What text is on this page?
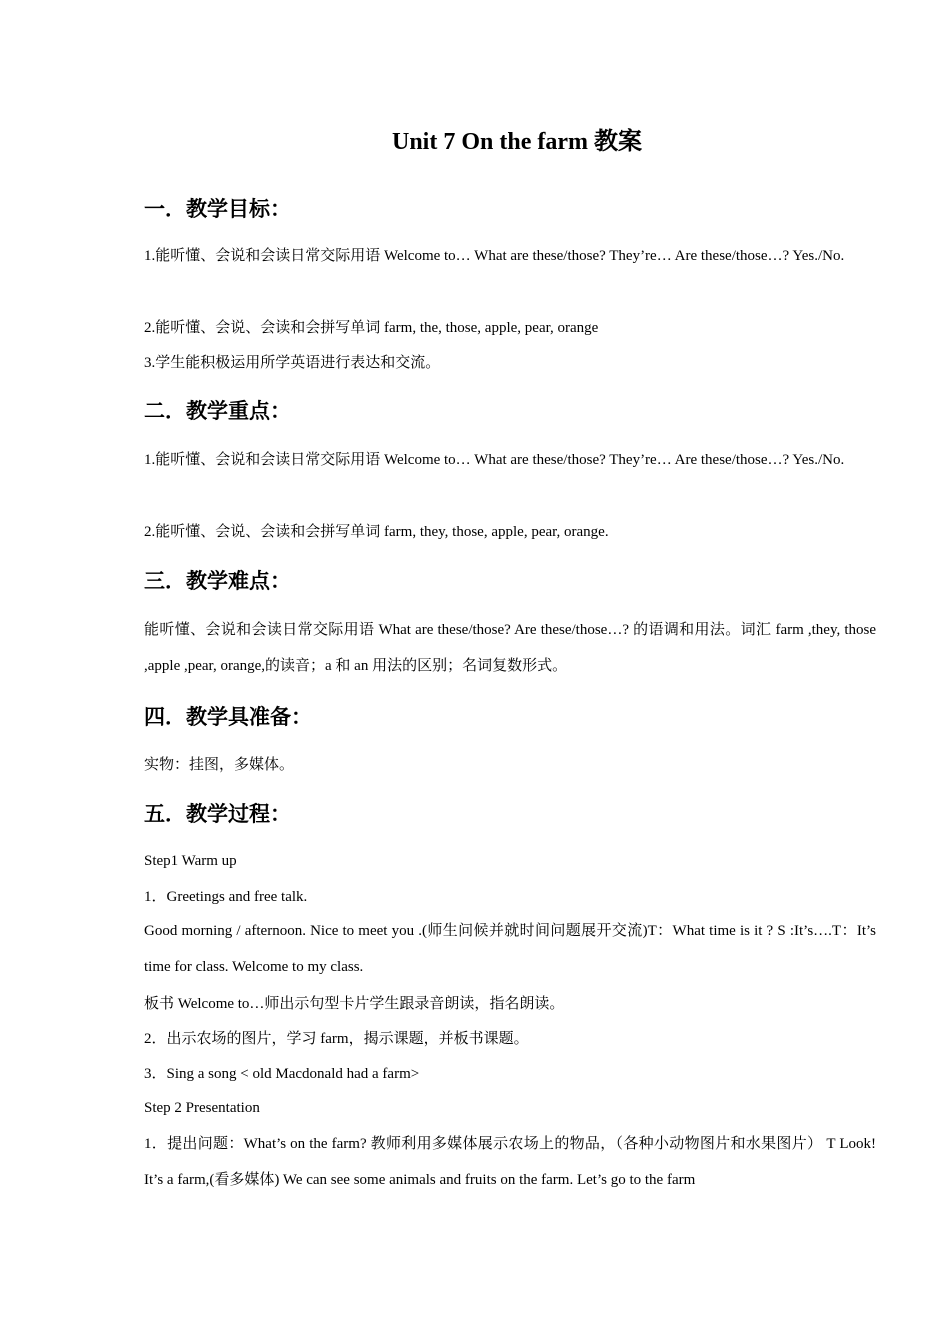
Unit 7 On the farm 教案
一．教学目标：

1.能听懂、会说和会读日常交际用语 Welcome to… What are these/those? They’re… Are these/those…? Yes./No.

2.能听懂、会说、会读和会拼写单词 farm, the, those, apple, pear, orange

3.学生能积极运用所学英语进行表达和交流。

二．教学重点：

1.能听懂、会说和会读日常交际用语 Welcome to… What are these/those? They’re… Are these/those…? Yes./No.

2.能听懂、会说、会读和会拼写单词 farm, they, those, apple, pear, orange.

三．教学难点：

能听懂、会说和会读日常交际用语 What are these/those? Are these/those…? 的语调和用法。词汇 farm ,they, those ,apple ,pear, orange,的读音；a 和 an 用法的区别；名词复数形式。

四．教学具准备：

实物：挂图，多媒体。

五．教学过程：

Step1 Warm up

1．Greetings and free talk.

Good morning / afternoon. Nice to meet you .(师生问候并就时间问题展开交流)T：What time is it ? S :It’s….T：It’s time for class. Welcome to my class.

板书 Welcome to…师出示句型卡片学生跟录音朗读，指名朗读。

2．出示农场的图片，学习 farm，揭示课题，并板书课题。

3．Sing a song < old Macdonald had a farm>

Step 2 Presentation

1．提出问题：What’s on the farm? 教师利用多媒体展示农场上的物品，（各种小动物图片和水果图片） T Look! It’s a farm,(看多媒体) We can see some animals and fruits on the farm. Let’s go to the farm
